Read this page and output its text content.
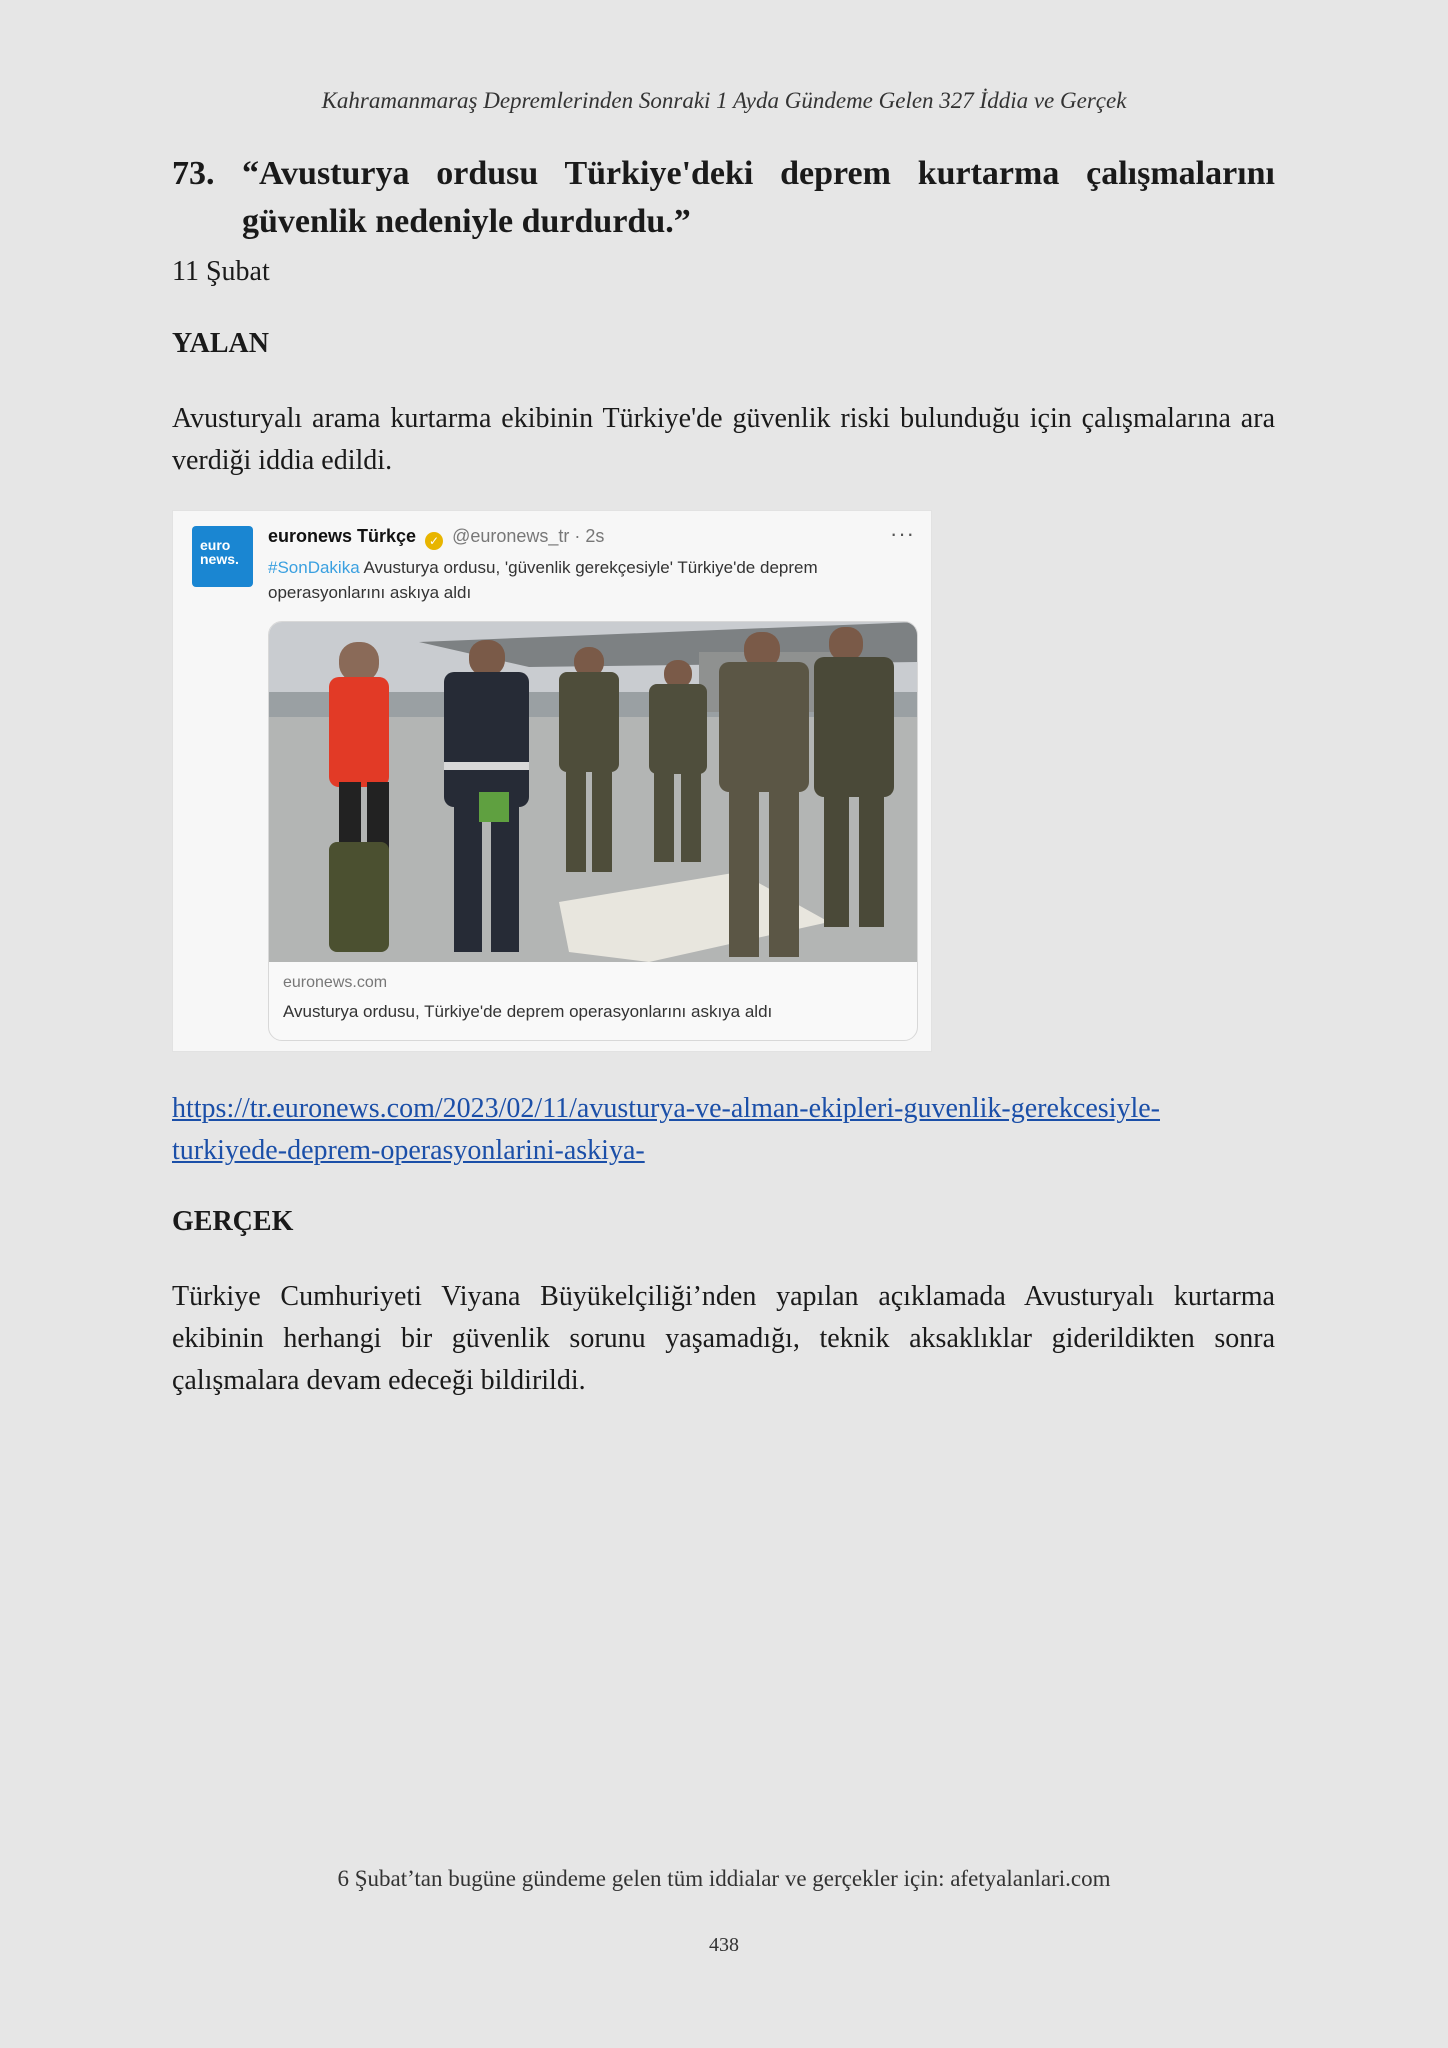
Kahramanmaraş Depremlerinden Sonraki 1 Ayda Gündeme Gelen 327 İddia ve Gerçek
73. “Avusturya ordusu Türkiye'deki deprem kurtarma çalışmalarını güvenlik nedeniyle durdurdu.”
11 Şubat
YALAN
Avusturyalı arama kurtarma ekibinin Türkiye'de güvenlik riski bulunduğu için çalışmalarına ara verdiği iddia edildi.
euro
news.
euronews Türkçe ✓ @euronews_tr · 2s	···
#SonDakika Avusturya ordusu, 'güvenlik gerekçesiyle' Türkiye'de deprem operasyonlarını askıya aldı
euronews.com
Avusturya ordusu, Türkiye'de deprem operasyonlarını askıya aldı
https://tr.euronews.com/2023/02/11/avusturya-ve-alman-ekipleri-guvenlik-gerekcesiyle-turkiyede-deprem-operasyonlarini-askiya-
GERÇEK
Türkiye Cumhuriyeti Viyana Büyükelçiliği’nden yapılan açıklamada Avusturyalı kurtarma ekibinin herhangi bir güvenlik sorunu yaşamadığı, teknik aksaklıklar giderildikten sonra çalışmalara devam edeceği bildirildi.
6 Şubat’tan bugüne gündeme gelen tüm iddialar ve gerçekler için: afetyalanlari.com
438
